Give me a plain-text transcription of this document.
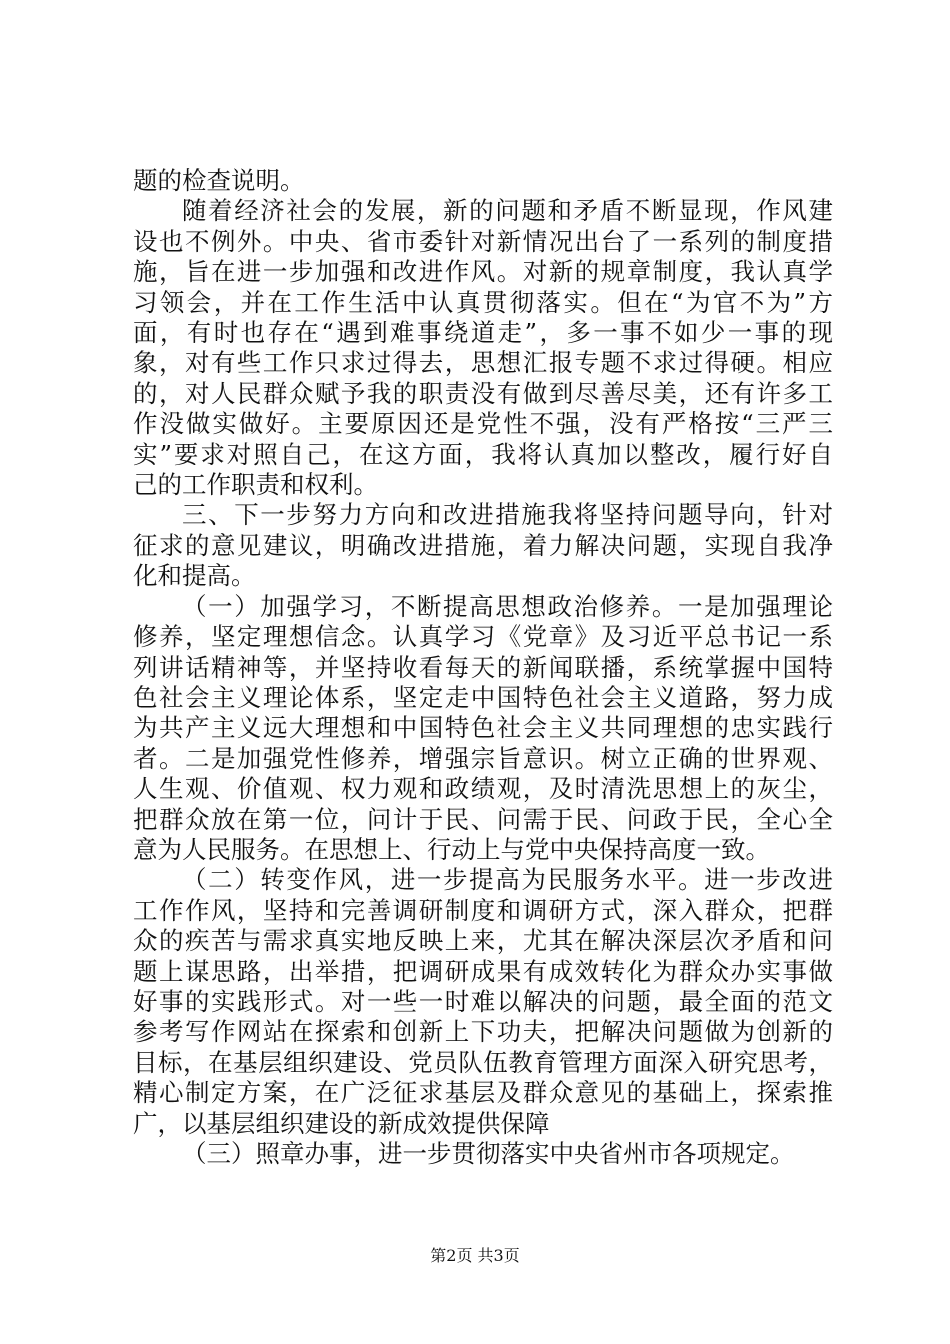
题的检查说明。

随着经济社会的发展，新的问题和矛盾不断显现，作风建

设也不例外。中央、省市委针对新情况出台了一系列的制度措

施，旨在进一步加强和改进作风。对新的规章制度，我认真学

习领会，并在工作生活中认真贯彻落实。但在“为官不为”方

面，有时也存在“遇到难事绕道走”，多一事不如少一事的现

象，对有些工作只求过得去，思想汇报专题不求过得硬。相应

的，对人民群众赋予我的职责没有做到尽善尽美，还有许多工

作没做实做好。主要原因还是党性不强，没有严格按“三严三

实”要求对照自己，在这方面，我将认真加以整改，履行好自

己的工作职责和权利。

三、下一步努力方向和改进措施我将坚持问题导向，针对

征求的意见建议，明确改进措施，着力解决问题，实现自我净

化和提高。

（一）加强学习，不断提高思想政治修养。一是加强理论

修养，坚定理想信念。认真学习《党章》及习近平总书记一系

列讲话精神等，并坚持收看每天的新闻联播，系统掌握中国特

色社会主义理论体系，坚定走中国特色社会主义道路，努力成

为共产主义远大理想和中国特色社会主义共同理想的忠实践行

者。二是加强党性修养，增强宗旨意识。树立正确的世界观、

人生观、价值观、权力观和政绩观，及时清洗思想上的灰尘，

把群众放在第一位，问计于民、问需于民、问政于民，全心全

意为人民服务。在思想上、行动上与党中央保持高度一致。

（二）转变作风，进一步提高为民服务水平。进一步改进

工作作风，坚持和完善调研制度和调研方式，深入群众，把群

众的疾苦与需求真实地反映上来，尤其在解决深层次矛盾和问

题上谋思路，出举措，把调研成果有成效转化为群众办实事做

好事的实践形式。对一些一时难以解决的问题，最全面的范文

参考写作网站在探索和创新上下功夫，把解决问题做为创新的

目标，在基层组织建设、党员队伍教育管理方面深入研究思考，

精心制定方案，在广泛征求基层及群众意见的基础上，探索推

广，以基层组织建设的新成效提供保障

（三）照章办事，进一步贯彻落实中央省州市各项规定。

第2页 共3页
